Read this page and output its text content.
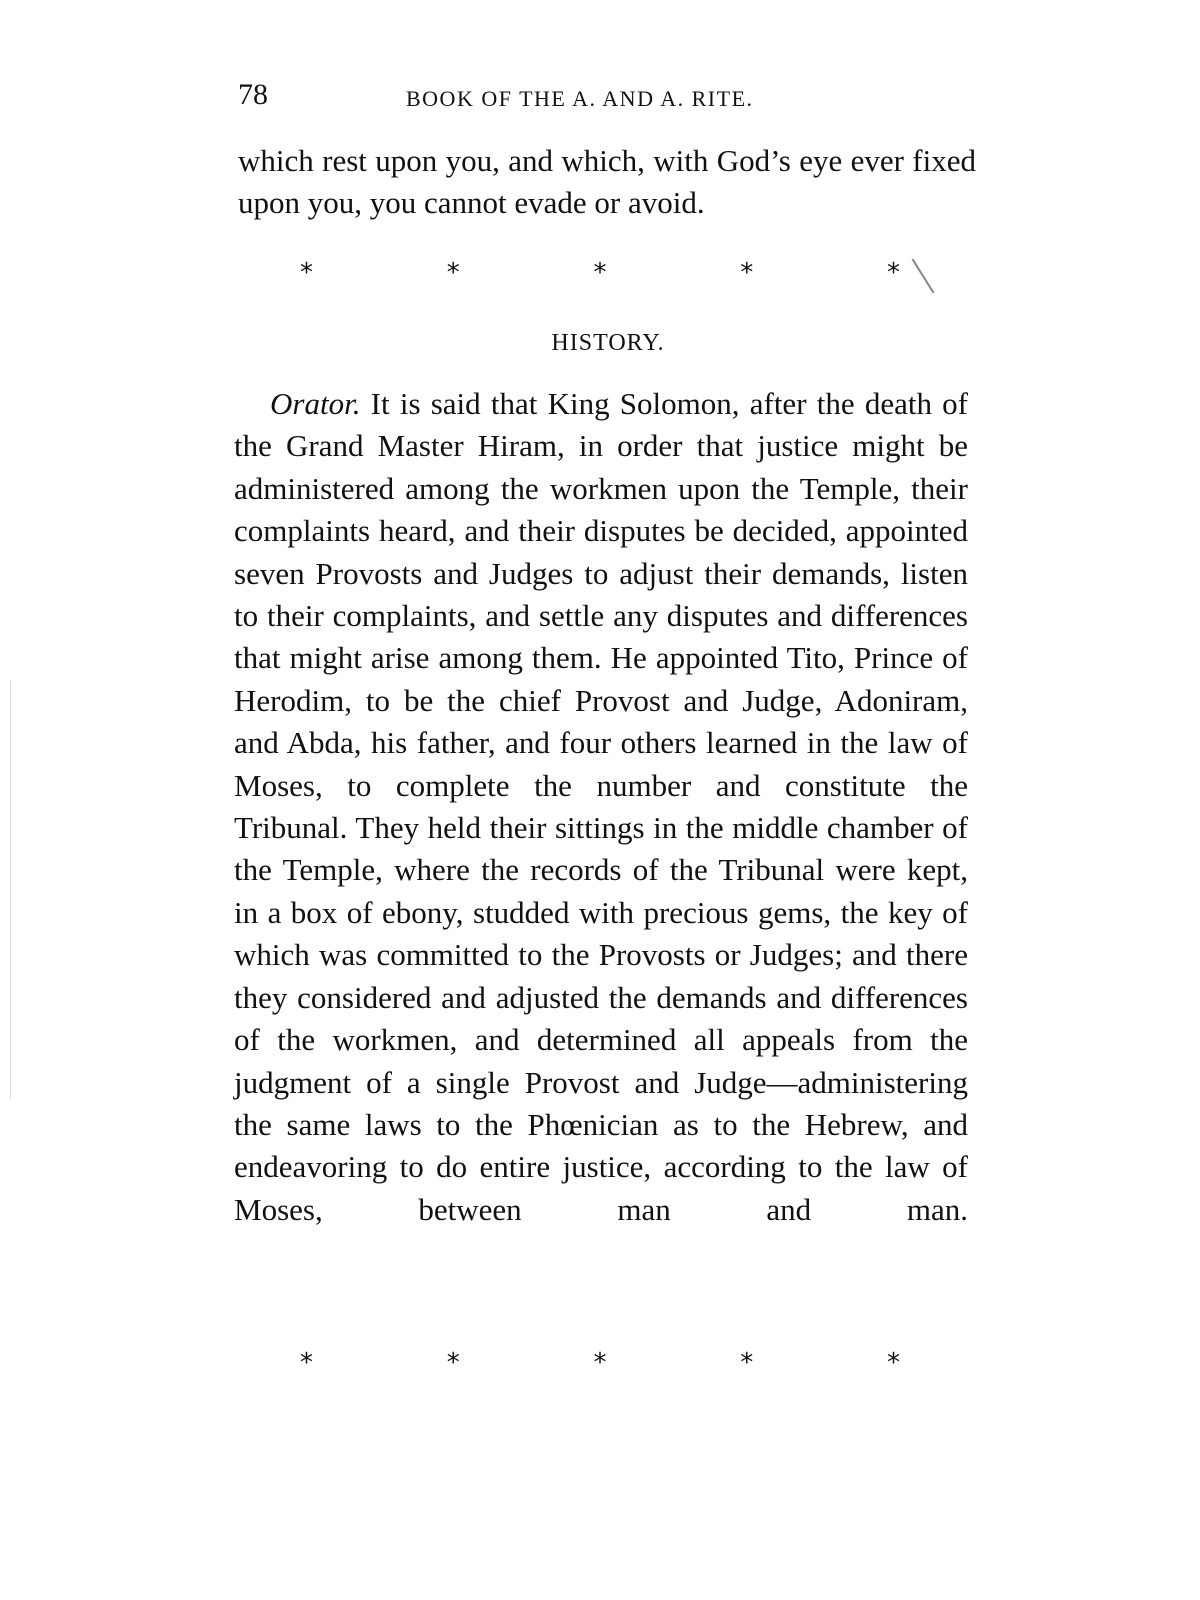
78	BOOK OF THE A. AND A. RITE.

which rest upon you, and which, with God’s eye ever fixed upon you, you cannot evade or avoid.

*	*	*	*	*
HISTORY.

Orator. It is said that King Solomon, after the death of the Grand Master Hiram, in order that justice might be administered among the workmen upon the Temple, their complaints heard, and their disputes be decided, appointed seven Provosts and Judges to adjust their demands, listen to their complaints, and settle any disputes and differences that might arise among them. He appointed Tito, Prince of Herodim, to be the chief Provost and Judge, Adoniram, and Abda, his father, and four others learned in the law of Moses, to complete the number and constitute the Tribunal. They held their sittings in the middle chamber of the Temple, where the records of the Tribunal were kept, in a box of ebony, studded with precious gems, the key of which was committed to the Provosts or Judges; and there they considered and adjusted the demands and differences of the workmen, and determined all appeals from the judgment of a single Provost and Judge—administering the same laws to the Phœnician as to the Hebrew, and endeavoring to do entire justice, according to the law of Moses, between man and man.

*	*	*	*	*
